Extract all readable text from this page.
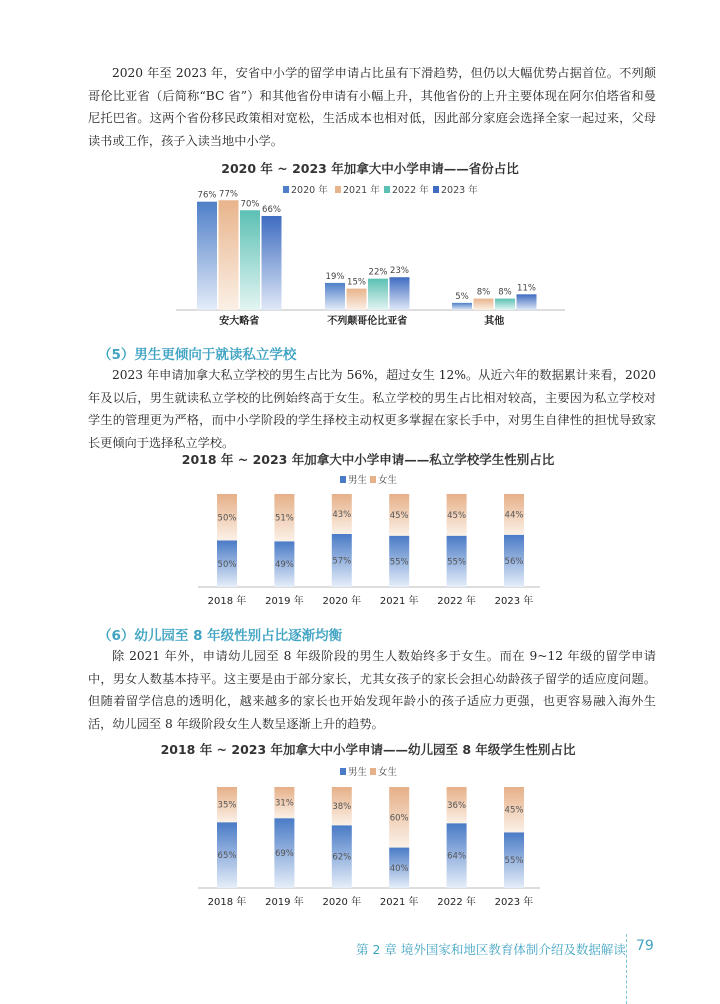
2020 年至 2023 年，安省中小学的留学申请占比虽有下滑趋势，但仍以大幅优势占据首位。不列颠哥伦比亚省（后简称“BC 省”）和其他省份申请有小幅上升，其他省份的上升主要体现在阿尔伯塔省和曼尼托巴省。这两个省份移民政策相对宽松，生活成本也相对低，因此部分家庭会选择全家一起过来，父母读书或工作，孩子入读当地中小学。

2020 年 ~ 2023 年加拿大中小学申请——省份占比
2020 年 2021 年 2022 年 2023 年
76% 77%
70%
66%
安大略省
19%
15%
22% 23%
不列颠哥伦比亚省
5% 8% 8% 11%
其他
（5）男生更倾向于就读私立学校

2023 年申请加拿大私立学校的男生占比为 56%，超过女生 12%。从近六年的数据累计来看，2020 年及以后，男生就读私立学校的比例始终高于女生。私立学校的男生占比相对较高，主要因为私立学校对学生的管理更为严格，而中小学阶段的学生择校主动权更多掌握在家长手中，对男生自律性的担忧导致家长更倾向于选择私立学校。

2018 年 ~ 2023 年加拿大中小学申请——私立学校学生性别占比
男生 女生
50%
50%
2018 年
51%
49%
2019 年
43%
57%
2020 年
45%
55%
2021 年
45%
55%
2022 年
44%
56%
2023 年
（6）幼儿园至 8 年级性别占比逐渐均衡

除 2021 年外，申请幼儿园至 8 年级阶段的男生人数始终多于女生。而在 9~12 年级的留学申请中，男女人数基本持平。这主要是由于部分家长，尤其女孩子的家长会担心幼龄孩子留学的适应度问题。但随着留学信息的透明化，越来越多的家长也开始发现年龄小的孩子适应力更强，也更容易融入海外生活，幼儿园至 8 年级阶段女生人数呈逐渐上升的趋势。

2018 年 ~ 2023 年加拿大中小学申请——幼儿园至 8 年级学生性别占比
男生 女生
35%
65%
2018 年
31%
69%
2019 年
38%
62%
2020 年
60%
40%
2021 年
36%
64%
2022 年
45%
55%
2023 年
第 2 章 境外国家和地区教育体制介绍及数据解读 79
